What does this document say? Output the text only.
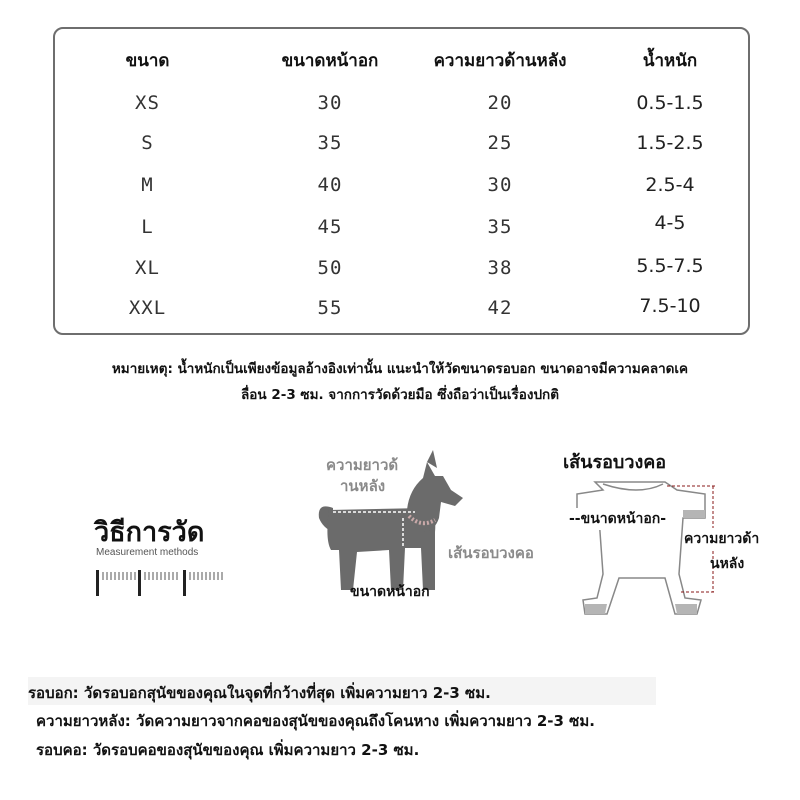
ขนาด	ขนาดหน้าอก	ความยาวด้านหลัง	น้ำหนัก
XS	30	20	0.5-1.5
S	35	25	1.5-2.5
M	40	30	2.5-4
L	45	35	4-5
XL	50	38	5.5-7.5
XXL	55	42	7.5-10
หมายเหตุ: น้ำหนักเป็นเพียงข้อมูลอ้างอิงเท่านั้น แนะนำให้วัดขนาดรอบอก ขนาดอาจมีความคลาดเค
ลื่อน 2-3 ซม. จากการวัดด้วยมือ ซึ่งถือว่าเป็นเรื่องปกติ
วิธีการวัด
Measurement methods
ความยาวด้
านหลัง
เส้นรอบวงคอ
ขนาดหน้าอก
เส้นรอบวงคอ
--ขนาดหน้าอก-
ความยาวด้า
นหลัง
รอบอก: วัดรอบอกสุนัขของคุณในจุดที่กว้างที่สุด เพิ่มความยาว 2-3 ซม.
ความยาวหลัง: วัดความยาวจากคอของสุนัขของคุณถึงโคนหาง เพิ่มความยาว 2-3 ซม.
รอบคอ: วัดรอบคอของสุนัขของคุณ เพิ่มความยาว 2-3 ซม.
